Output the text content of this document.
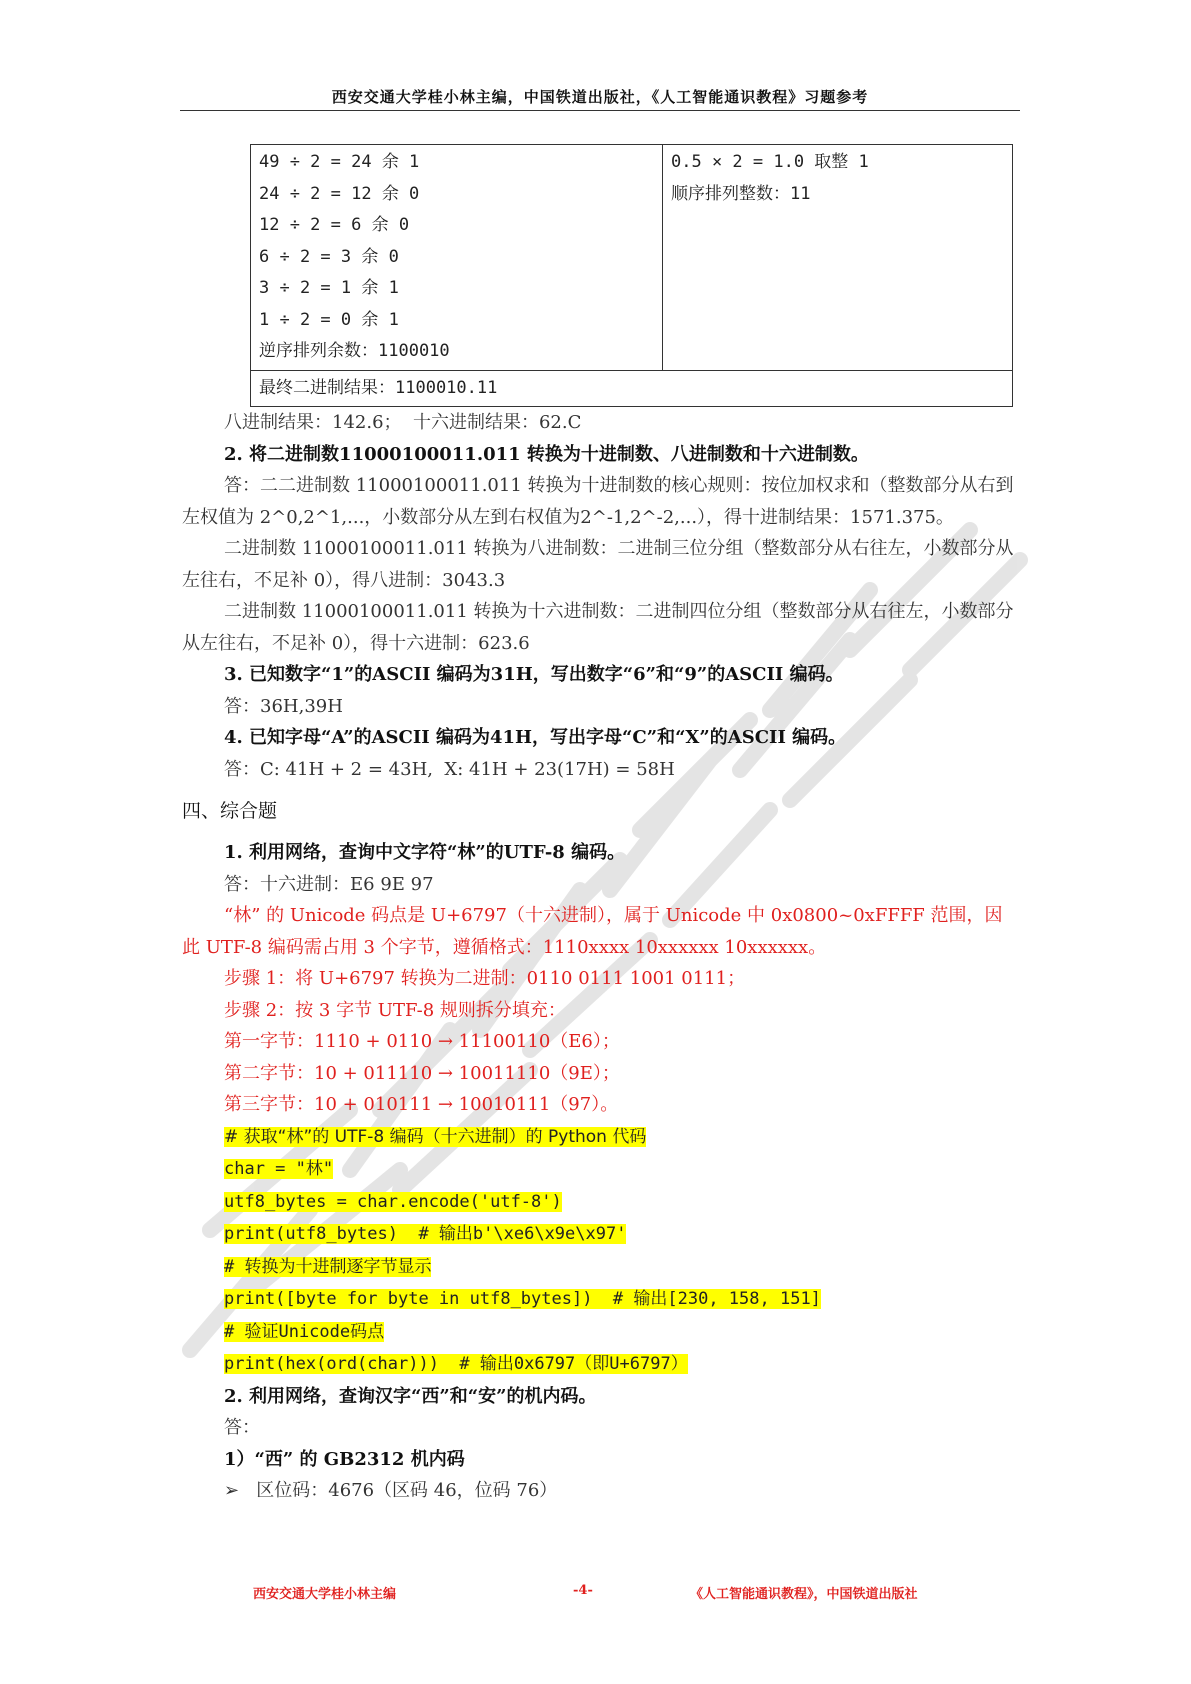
西安交通大学桂小林主编，中国铁道出版社，《人工智能通识教程》习题参考
49 ÷ 2 = 24 余 1
24 ÷ 2 = 12 余 0
12 ÷ 2 = 6 余 0
6 ÷ 2 = 3 余 0
3 ÷ 2 = 1 余 1
1 ÷ 2 = 0 余 1
逆序排列余数：1100010

0.5 × 2 = 1.0 取整 1
顺序排列整数：11

最终二进制结果：1100010.11
八进制结果：142.6；  十六进制结果：62.C
2. 将二进制数11000100011.011 转换为十进制数、八进制数和十六进制数。
答：二二进制数 11000100011.011 转换为十进制数的核心规则：按位加权求和（整数部分从右到左权值为 2^0,2^1,...，小数部分从左到右权值为2^-1,2^-2,...），得十进制结果：1571.375。
二进制数 11000100011.011 转换为八进制数：二进制三位分组（整数部分从右往左，小数部分从左往右，不足补 0），得八进制：3043.3
二进制数 11000100011.011 转换为十六进制数：二进制四位分组（整数部分从右往左，小数部分从左往右，不足补 0），得十六进制：623.6
3. 已知数字“1”的ASCII 编码为31H，写出数字“6”和“9”的ASCII 编码。
答：36H,39H
4. 已知字母“A”的ASCII 编码为41H，写出字母“C”和“X”的ASCII 编码。
答：C: 41H + 2 = 43H,  X: 41H + 23(17H) = 58H
四、综合题
1. 利用网络，查询中文字符“林”的UTF-8 编码。
答：十六进制：E6 9E 97
“林” 的 Unicode 码点是 U+6797（十六进制），属于 Unicode 中 0x0800~0xFFFF 范围，因此 UTF-8 编码需占用 3 个字节，遵循格式：1110xxxx 10xxxxxx 10xxxxxx。
步骤 1：将 U+6797 转换为二进制：0110 0111 1001 0111；
步骤 2：按 3 字节 UTF-8 规则拆分填充：
第一字节：1110 + 0110 → 11100110（E6）；
第二字节：10 + 011110 → 10011110（9E）；
第三字节：10 + 010111 → 10010111（97）。
# 获取“林”的 UTF-8 编码（十六进制）的 Python 代码
char = "林"
utf8_bytes = char.encode('utf-8')
print(utf8_bytes)  # 输出b'\xe6\x9e\x97'
# 转换为十进制逐字节显示
print([byte for byte in utf8_bytes])  # 输出[230, 158, 151]
# 验证Unicode码点
print(hex(ord(char)))  # 输出0x6797（即U+6797）
2. 利用网络，查询汉字“西”和“安”的机内码。
答：
1）“西” 的 GB2312 机内码
➢   区位码：4676（区码 46，位码 76）
西安交通大学桂小林主编	-4-	《人工智能通识教程》，中国铁道出版社
